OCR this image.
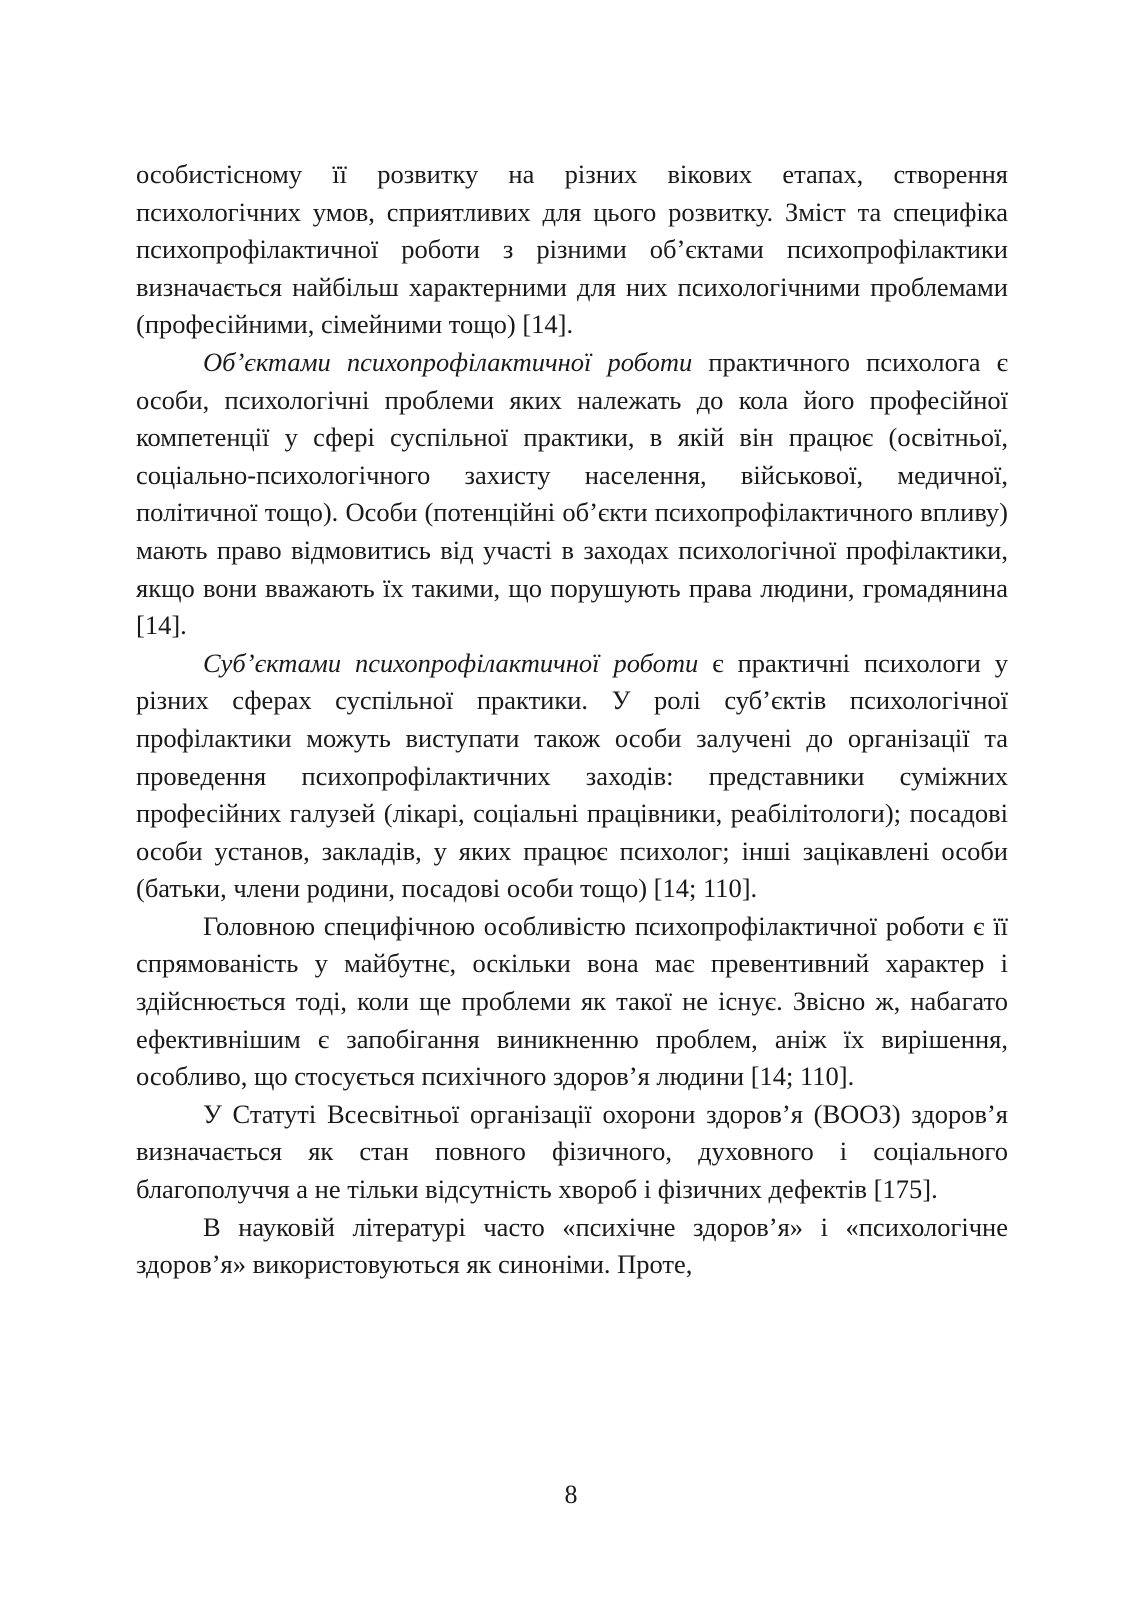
особистісному її розвитку на різних вікових етапах, створення психологічних умов, сприятливих для цього розвитку. Зміст та специфіка психопрофілактичної роботи з різними об’єктами психопрофілактики визначається найбільш характерними для них психологічними проблемами (професійними, сімейними тощо) [14].

Об’єктами психопрофілактичної роботи практичного психолога є особи, психологічні проблеми яких належать до кола його професійної компетенції у сфері суспільної практики, в якій він працює (освітньої, соціально-психологічного захисту населення, військової, медичної, політичної тощо). Особи (потенційні об’єкти психопрофілактичного впливу) мають право відмовитись від участі в заходах психологічної профілактики, якщо вони вважають їх такими, що порушують права людини, громадянина [14].

Суб’єктами психопрофілактичної роботи є практичні психологи у різних сферах суспільної практики. У ролі суб’єктів психологічної профілактики можуть виступати також особи залучені до організації та проведення психопрофілактичних заходів: представники суміжних професійних галузей (лікарі, соціальні працівники, реабілітологи); посадові особи установ, закладів, у яких працює психолог; інші зацікавлені особи (батьки, члени родини, посадові особи тощо) [14; 110].

Головною специфічною особливістю психопрофілактичної роботи є її спрямованість у майбутнє, оскільки вона має превентивний характер і здійснюється тоді, коли ще проблеми як такої не існує. Звісно ж, набагато ефективнішим є запобігання виникненню проблем, аніж їх вирішення, особливо, що стосується психічного здоров’я людини [14; 110].

У Статуті Всесвітньої організації охорони здоров’я (ВООЗ) здоров’я визначається як стан повного фізичного, духовного і соціального благополуччя а не тільки відсутність хвороб і фізичних дефектів [175].

В науковій літературі часто «психічне здоров’я» і «психологічне здоров’я» використовуються як синоніми. Проте,

8
